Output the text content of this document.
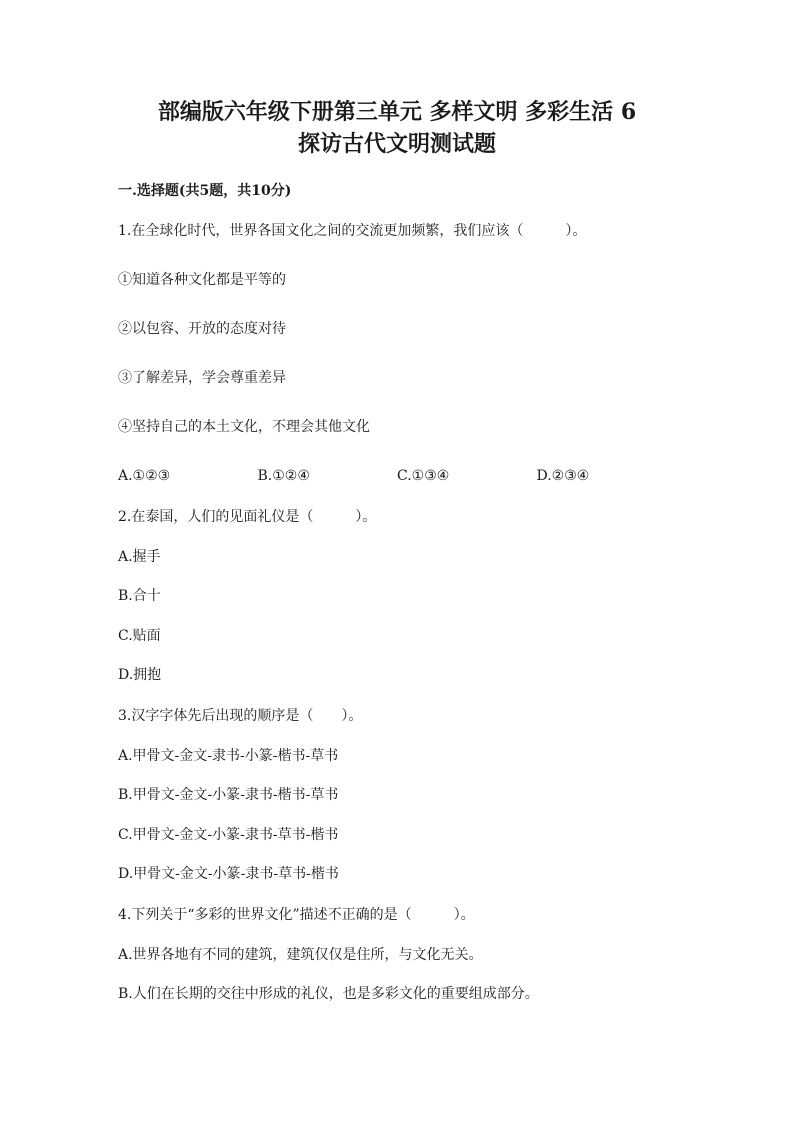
部编版六年级下册第三单元 多样文明 多彩生活 6
探访古代文明测试题
一.选择题(共5题，共10分)
1.在全球化时代，世界各国文化之间的交流更加频繁，我们应该（　　　）。
①知道各种文化都是平等的
②以包容、开放的态度对待
③了解差异，学会尊重差异
④坚持自己的本土文化，不理会其他文化
A.①②③	B.①②④	C.①③④	D.②③④
2.在泰国，人们的见面礼仪是（　　　）。
A.握手
B.合十
C.贴面
D.拥抱
3.汉字字体先后出现的顺序是（　　）。
A.甲骨文-金文-隶书-小篆-楷书-草书
B.甲骨文-金文-小篆-隶书-楷书-草书
C.甲骨文-金文-小篆-隶书-草书-楷书
D.甲骨文-金文-小篆-隶书-草书-楷书
4.下列关于“多彩的世界文化”描述不正确的是（　　　）。
A.世界各地有不同的建筑，建筑仅仅是住所，与文化无关。
B.人们在长期的交往中形成的礼仪，也是多彩文化的重要组成部分。
